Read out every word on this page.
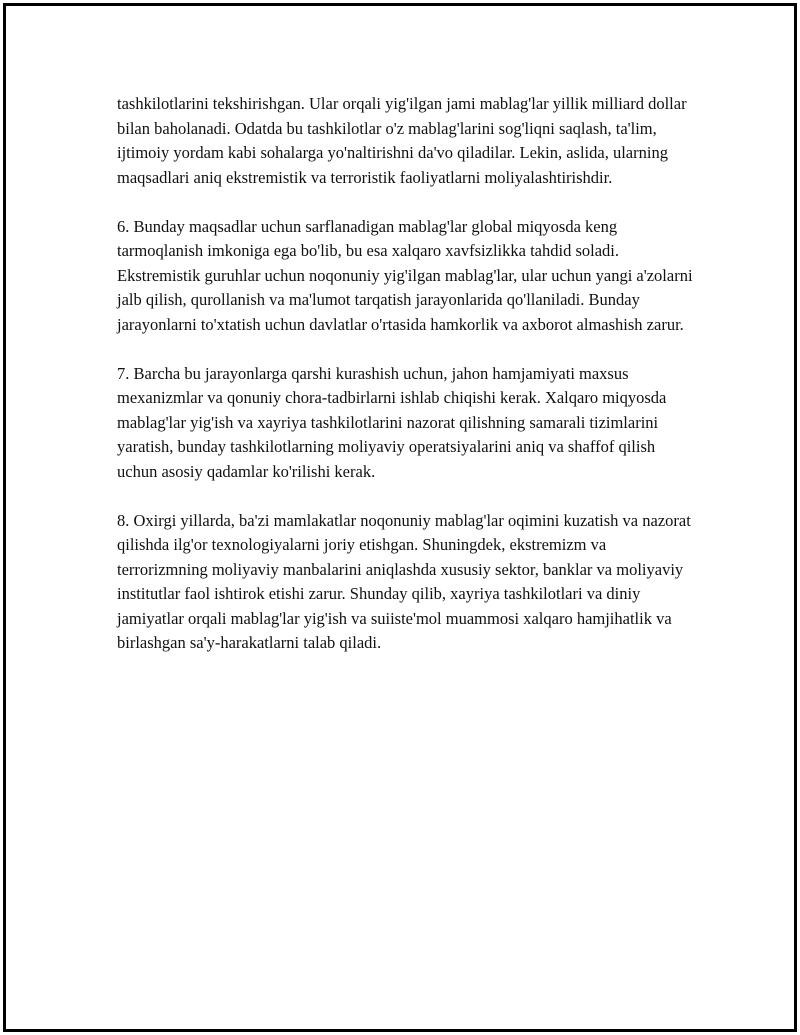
tashkilotlarini tekshirishgan. Ular orqali yig'ilgan jami mablag'lar yillik milliard dollar bilan baholanadi. Odatda bu tashkilotlar o'z mablag'larini sog'liqni saqlash, ta'lim, ijtimoiy yordam kabi sohalarga yo'naltirishni da'vo qiladilar. Lekin, aslida, ularning maqsadlari aniq ekstremistik va terroristik faoliyatlarni moliyalashtirishdir.

6. Bunday maqsadlar uchun sarflanadigan mablag'lar global miqyosda keng tarmoqlanish imkoniga ega bo'lib, bu esa xalqaro xavfsizlikka tahdid soladi. Ekstremistik guruhlar uchun noqonuniy yig'ilgan mablag'lar, ular uchun yangi a'zolarni jalb qilish, qurollanish va ma'lumot tarqatish jarayonlarida qo'llaniladi. Bunday jarayonlarni to'xtatish uchun davlatlar o'rtasida hamkorlik va axborot almashish zarur.

7. Barcha bu jarayonlarga qarshi kurashish uchun, jahon hamjamiyati maxsus mexanizmlar va qonuniy chora-tadbirlarni ishlab chiqishi kerak. Xalqaro miqyosda mablag'lar yig'ish va xayriya tashkilotlarini nazorat qilishning samarali tizimlarini yaratish, bunday tashkilotlarning moliyaviy operatsiyalarini aniq va shaffof qilish uchun asosiy qadamlar ko'rilishi kerak.

8. Oxirgi yillarda, ba'zi mamlakatlar noqonuniy mablag'lar oqimini kuzatish va nazorat qilishda ilg'or texnologiyalarni joriy etishgan. Shuningdek, ekstremizm va terrorizmning moliyaviy manbalarini aniqlashda xususiy sektor, banklar va moliyaviy institutlar faol ishtirok etishi zarur. Shunday qilib, xayriya tashkilotlari va diniy jamiyatlar orqali mablag'lar yig'ish va suiiste'mol muammosi xalqaro hamjihatlik va birlashgan sa'y-harakatlarni talab qiladi.
